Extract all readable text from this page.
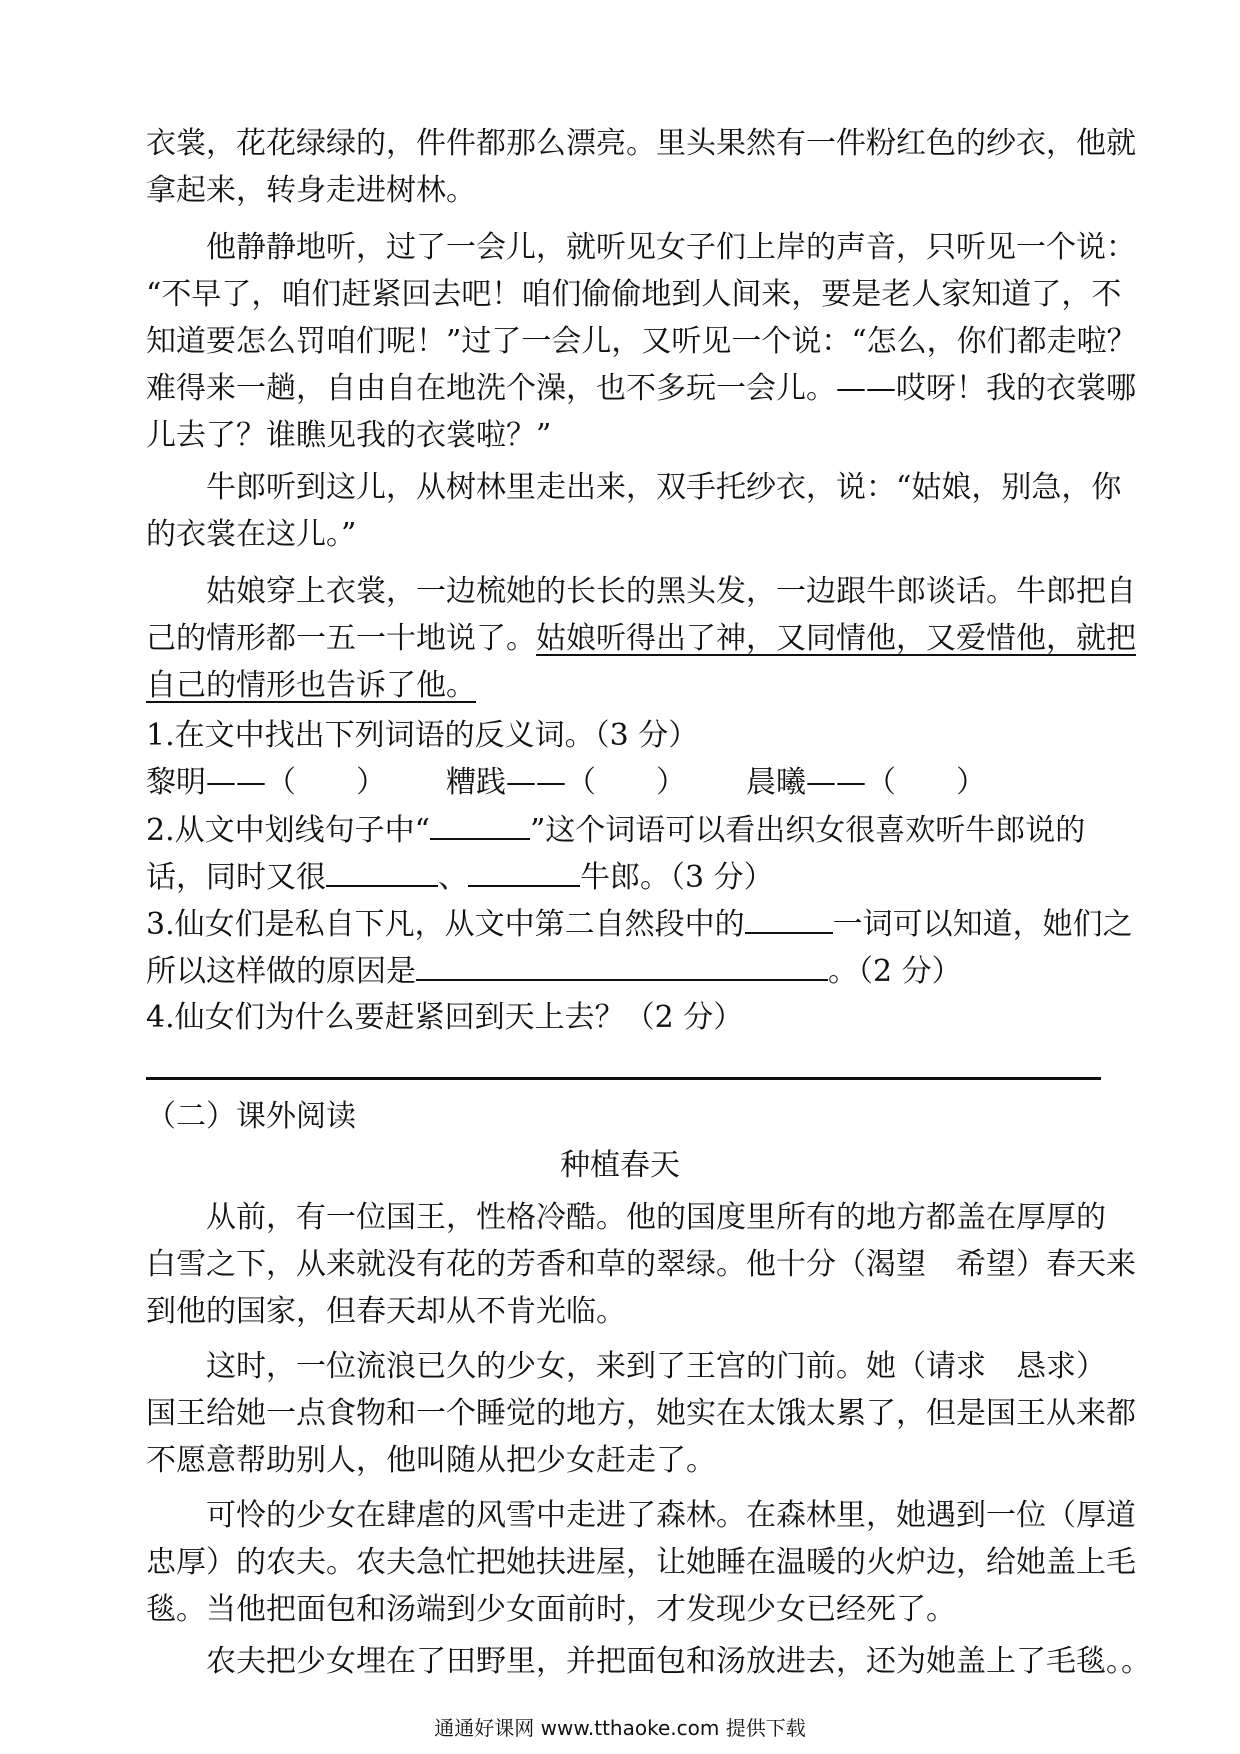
衣裳，花花绿绿的，件件都那么漂亮。里头果然有一件粉红色的纱衣，他就
拿起来，转身走进树林。
　　他静静地听，过了一会儿，就听见女子们上岸的声音，只听见一个说：
“不早了，咱们赶紧回去吧！咱们偷偷地到人间来，要是老人家知道了，不
知道要怎么罚咱们呢！”过了一会儿，又听见一个说：“怎么，你们都走啦？
难得来一趟，自由自在地洗个澡，也不多玩一会儿。——哎呀！我的衣裳哪
儿去了？谁瞧见我的衣裳啦？”
　　牛郎听到这儿，从树林里走出来，双手托纱衣，说：“姑娘，别急，你
的衣裳在这儿。”
　　姑娘穿上衣裳，一边梳她的长长的黑头发，一边跟牛郎谈话。牛郎把自
己的情形都一五一十地说了。姑娘听得出了神，又同情他，又爱惜他，就把
自己的情形也告诉了他。
1.在文中找出下列词语的反义词。（3 分）
黎明——（　　） 糟践——（　　） 晨曦——（　　）
2.从文中划线句子中“	”这个词语可以看出织女很喜欢听牛郎说的
话，同时又很	、	牛郎。（3 分）
3.仙女们是私自下凡，从文中第二自然段中的	一词可以知道，她们之
所以这样做的原因是	。（2 分）
4.仙女们为什么要赶紧回到天上去？（2 分）
（二）课外阅读
种植春天
　　从前，有一位国王，性格冷酷。他的国度里所有的地方都盖在厚厚的
白雪之下，从来就没有花的芳香和草的翠绿。他十分（渴望　希望）春天来
到他的国家，但春天却从不肯光临。
　　这时，一位流浪已久的少女，来到了王宫的门前。她（请求　恳求）
国王给她一点食物和一个睡觉的地方，她实在太饿太累了，但是国王从来都
不愿意帮助别人，他叫随从把少女赶走了。
　　可怜的少女在肆虐的风雪中走进了森林。在森林里，她遇到一位（厚道
忠厚）的农夫。农夫急忙把她扶进屋，让她睡在温暖的火炉边，给她盖上毛
毯。当他把面包和汤端到少女面前时，才发现少女已经死了。
　　农夫把少女埋在了田野里，并把面包和汤放进去，还为她盖上了毛毯。。
通通好课网 www.tthaoke.com 提供下载
